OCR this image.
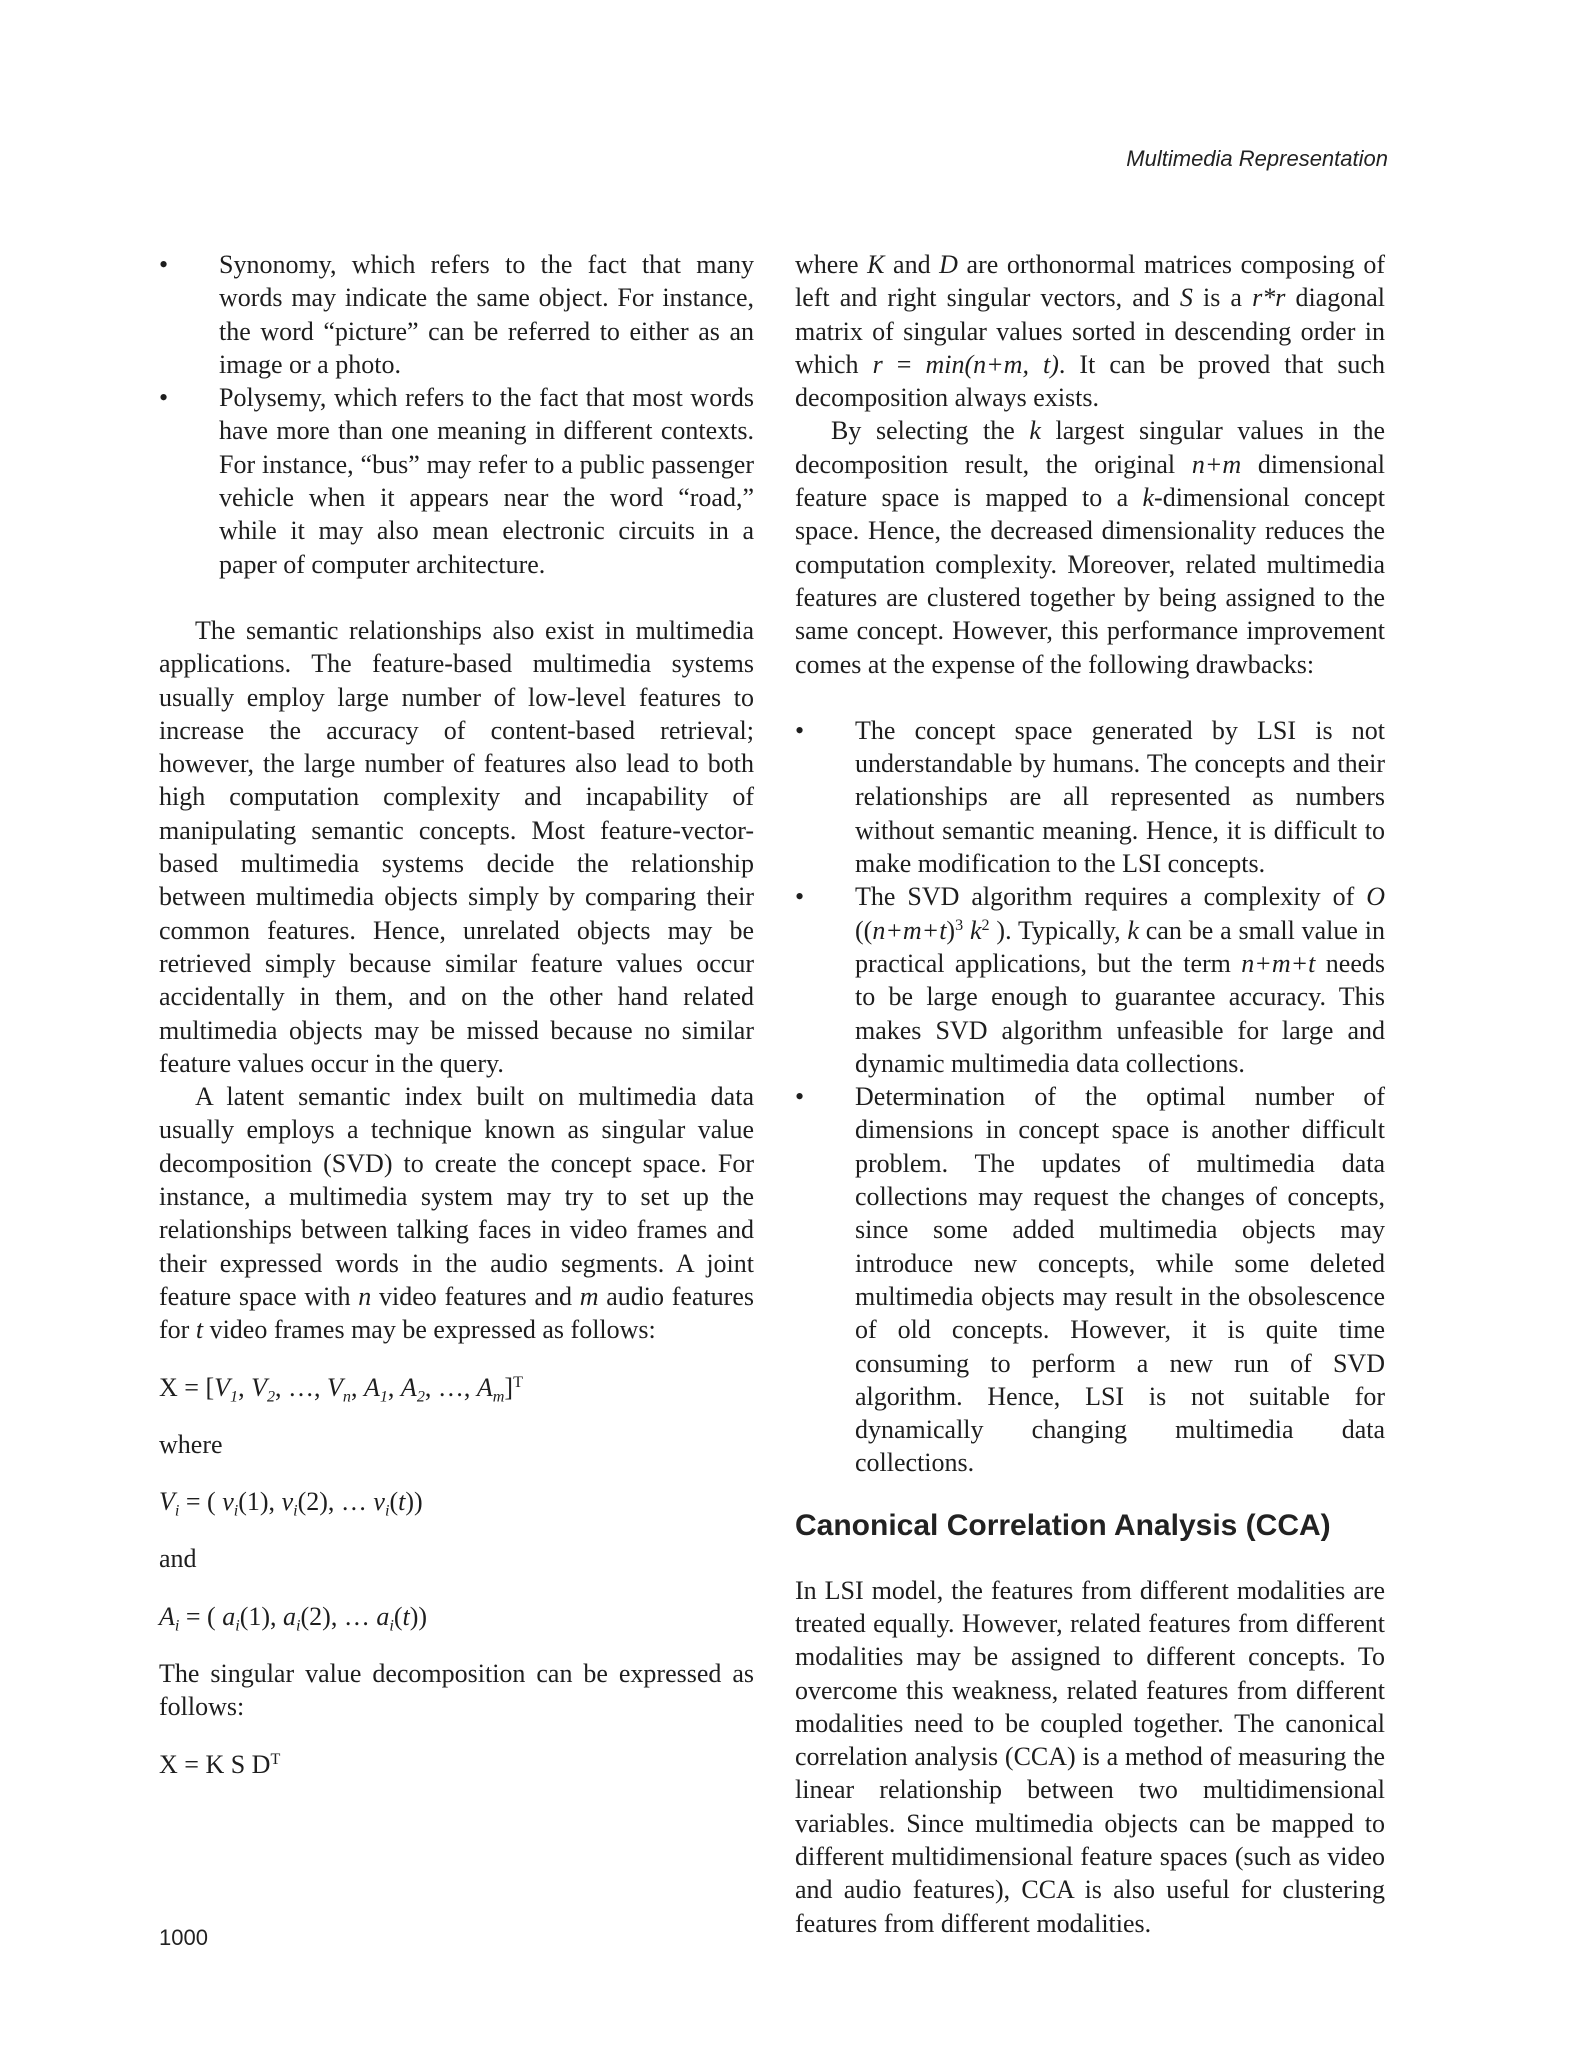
Multimedia Representation
• Synonomy, which refers to the fact that many words may indicate the same object. For instance, the word “picture” can be referred to either as an image or a photo.
• Polysemy, which refers to the fact that most words have more than one meaning in different contexts. For instance, “bus” may refer to a public passenger vehicle when it appears near the word “road,” while it may also mean electronic circuits in a paper of computer architecture.

The semantic relationships also exist in multimedia applications. The feature-based multimedia systems usually employ large number of low-level features to increase the accuracy of content-based retrieval; however, the large number of features also lead to both high computation complexity and incapability of manipulating semantic concepts. Most feature-vector-based multimedia systems decide the relationship between multimedia objects simply by comparing their common features. Hence, unrelated objects may be retrieved simply because similar feature values occur accidentally in them, and on the other hand related multimedia objects may be missed because no similar feature values occur in the query.

A latent semantic index built on multimedia data usually employs a technique known as singular value decomposition (SVD) to create the concept space. For instance, a multimedia system may try to set up the relationships between talking faces in video frames and their expressed words in the audio segments. A joint feature space with n video features and m audio features for t video frames may be expressed as follows:

$X = [V_1$, $V_2$, …, $V_n$, $A_1$, $A_2$, …, $A_m]^T$

where

$V_i$ = ( $v_i(1)$, $v_i(2)$, … $v_i(t)$)

and

$A_i$ = ( $a_i(1)$, $a_i(2)$, … $a_i(t)$)

The singular value decomposition can be expressed as follows:

X = K S $D^T$

where K and D are orthonormal matrices composing of left and right singular vectors, and S is a r*r diagonal matrix of singular values sorted in descending order in which r = min(n+m, t). It can be proved that such decomposition always exists.

By selecting the k largest singular values in the decomposition result, the original n+m dimensional feature space is mapped to a k-dimensional concept space. Hence, the decreased dimensionality reduces the computation complexity. Moreover, related multimedia features are clustered together by being assigned to the same concept. However, this performance improvement comes at the expense of the following drawbacks:

• The concept space generated by LSI is not understandable by humans. The concepts and their relationships are all represented as numbers without semantic meaning. Hence, it is difficult to make modification to the LSI concepts.
• The SVD algorithm requires a complexity of O ($(n+m+t)^3$ $k^2$ ). Typically, k can be a small value in practical applications, but the term n+m+t needs to be large enough to guarantee accuracy. This makes SVD algorithm unfeasible for large and dynamic multimedia data collections.
• Determination of the optimal number of dimensions in concept space is another difficult problem. The updates of multimedia data collections may request the changes of concepts, since some added multimedia objects may introduce new concepts, while some deleted multimedia objects may result in the obsolescence of old concepts. However, it is quite time consuming to perform a new run of SVD algorithm. Hence, LSI is not suitable for dynamically changing multimedia data collections.
Canonical Correlation Analysis (CCA)

In LSI model, the features from different modalities are treated equally. However, related features from different modalities may be assigned to different concepts. To overcome this weakness, related features from different modalities need to be coupled together. The canonical correlation analysis (CCA) is a method of measuring the linear relationship between two multidimensional variables. Since multimedia objects can be mapped to different multidimensional feature spaces (such as video and audio features), CCA is also useful for clustering features from different modalities.

1000
